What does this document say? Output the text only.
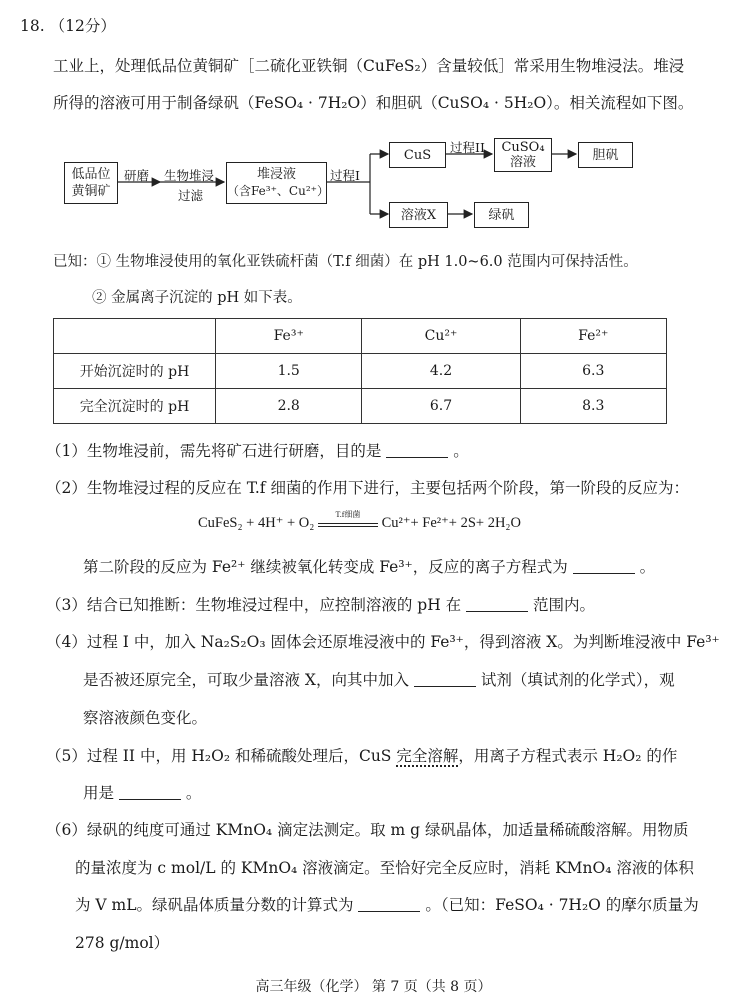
18. （12分）
工业上，处理低品位黄铜矿［二硫化亚铁铜（CuFeS₂）含量较低］常采用生物堆浸法。堆浸
所得的溶液可用于制备绿矾（FeSO₄ · 7H₂O）和胆矾（CuSO₄ · 5H₂O）。相关流程如下图。
低品位
黄铜矿
研磨 生物堆浸
过滤
堆浸液
（含Fe³⁺、Cu²⁺）
过程I
CuS 过程II CuSO₄
溶液	胆矾
溶液X	绿矾
已知：① 生物堆浸使用的氧化亚铁硫杆菌（T.f 细菌）在 pH 1.0~6.0 范围内可保持活性。
② 金属离子沉淀的 pH 如下表。
	Fe³⁺	Cu²⁺	Fe²⁺
开始沉淀时的 pH	1.5	4.2	6.3
完全沉淀时的 pH	2.8	6.7	8.3
（1）生物堆浸前，需先将矿石进行研磨，目的是	。
（2）生物堆浸过程的反应在 T.f 细菌的作用下进行，主要包括两个阶段，第一阶段的反应为：
CuFeS₂ + 4H⁺ + O₂
T.f细菌
Cu²⁺+ Fe²⁺+ 2S+ 2H₂O
第二阶段的反应为 Fe²⁺ 继续被氧化转变成 Fe³⁺，反应的离子方程式为	。
（3）结合已知推断：生物堆浸过程中，应控制溶液的 pH 在	范围内。
（4）过程 I 中，加入 Na₂S₂O₃ 固体会还原堆浸液中的 Fe³⁺，得到溶液 X。为判断堆浸液中 Fe³⁺
是否被还原完全，可取少量溶液 X，向其中加入	试剂（填试剂的化学式），观
察溶液颜色变化。
（5）过程 II 中，用 H₂O₂ 和稀硫酸处理后，CuS 完全溶解，用离子方程式表示 H₂O₂ 的作
用是	。
（6）绿矾的纯度可通过 KMnO₄ 滴定法测定。取 m g 绿矾晶体，加适量稀硫酸溶解。用物质
的量浓度为 c mol/L 的 KMnO₄ 溶液滴定。至恰好完全反应时，消耗 KMnO₄ 溶液的体积
为 V mL。绿矾晶体质量分数的计算式为	。（已知：FeSO₄ · 7H₂O 的摩尔质量为
278 g/mol）
高三年级（化学） 第 7 页（共 8 页）
